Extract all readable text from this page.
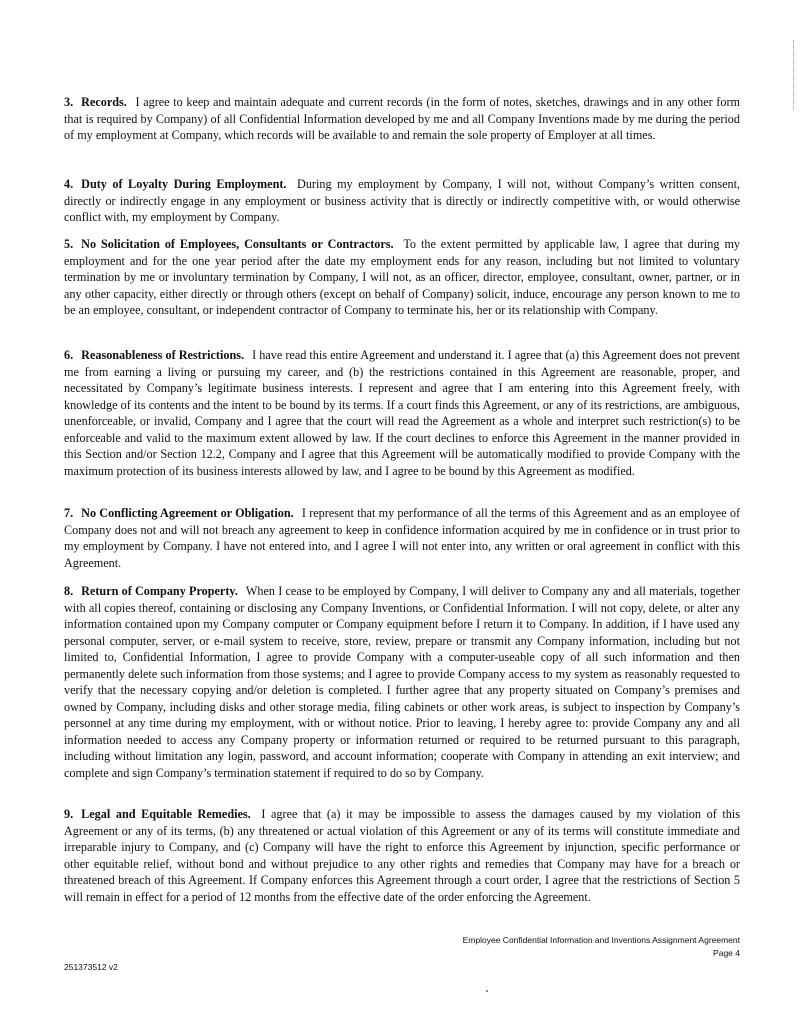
3. Records. I agree to keep and maintain adequate and current records (in the form of notes, sketches, drawings and in any other form that is required by Company) of all Confidential Information developed by me and all Company Inventions made by me during the period of my employment at Company, which records will be available to and remain the sole property of Employer at all times.

4. Duty of Loyalty During Employment. During my employment by Company, I will not, without Company’s written consent, directly or indirectly engage in any employment or business activity that is directly or indirectly competitive with, or would otherwise conflict with, my employment by Company.

5. No Solicitation of Employees, Consultants or Contractors. To the extent permitted by applicable law, I agree that during my employment and for the one year period after the date my employment ends for any reason, including but not limited to voluntary termination by me or involuntary termination by Company, I will not, as an officer, director, employee, consultant, owner, partner, or in any other capacity, either directly or through others (except on behalf of Company) solicit, induce, encourage any person known to me to be an employee, consultant, or independent contractor of Company to terminate his, her or its relationship with Company.

6. Reasonableness of Restrictions. I have read this entire Agreement and understand it. I agree that (a) this Agreement does not prevent me from earning a living or pursuing my career, and (b) the restrictions contained in this Agreement are reasonable, proper, and necessitated by Company’s legitimate business interests. I represent and agree that I am entering into this Agreement freely, with knowledge of its contents and the intent to be bound by its terms. If a court finds this Agreement, or any of its restrictions, are ambiguous, unenforceable, or invalid, Company and I agree that the court will read the Agreement as a whole and interpret such restriction(s) to be enforceable and valid to the maximum extent allowed by law. If the court declines to enforce this Agreement in the manner provided in this Section and/or Section 12.2, Company and I agree that this Agreement will be automatically modified to provide Company with the maximum protection of its business interests allowed by law, and I agree to be bound by this Agreement as modified.

7. No Conflicting Agreement or Obligation. I represent that my performance of all the terms of this Agreement and as an employee of Company does not and will not breach any agreement to keep in confidence information acquired by me in confidence or in trust prior to my employment by Company. I have not entered into, and I agree I will not enter into, any written or oral agreement in conflict with this Agreement.

8. Return of Company Property. When I cease to be employed by Company, I will deliver to Company any and all materials, together with all copies thereof, containing or disclosing any Company Inventions, or Confidential Information. I will not copy, delete, or alter any information contained upon my Company computer or Company equipment before I return it to Company. In addition, if I have used any personal computer, server, or e-mail system to receive, store, review, prepare or transmit any Company information, including but not limited to, Confidential Information, I agree to provide Company with a computer-useable copy of all such information and then permanently delete such information from those systems; and I agree to provide Company access to my system as reasonably requested to verify that the necessary copying and/or deletion is completed. I further agree that any property situated on Company’s premises and owned by Company, including disks and other storage media, filing cabinets or other work areas, is subject to inspection by Company’s personnel at any time during my employment, with or without notice. Prior to leaving, I hereby agree to: provide Company any and all information needed to access any Company property or information returned or required to be returned pursuant to this paragraph, including without limitation any login, password, and account information; cooperate with Company in attending an exit interview; and complete and sign Company’s termination statement if required to do so by Company.

9. Legal and Equitable Remedies. I agree that (a) it may be impossible to assess the damages caused by my violation of this Agreement or any of its terms, (b) any threatened or actual violation of this Agreement or any of its terms will constitute immediate and irreparable injury to Company, and (c) Company will have the right to enforce this Agreement by injunction, specific performance or other equitable relief, without bond and without prejudice to any other rights and remedies that Company may have for a breach or threatened breach of this Agreement. If Company enforces this Agreement through a court order, I agree that the restrictions of Section 5 will remain in effect for a period of 12 months from the effective date of the order enforcing the Agreement.

Employee Confidential Information and Inventions Assignment Agreement
Page 4
251373512 v2
